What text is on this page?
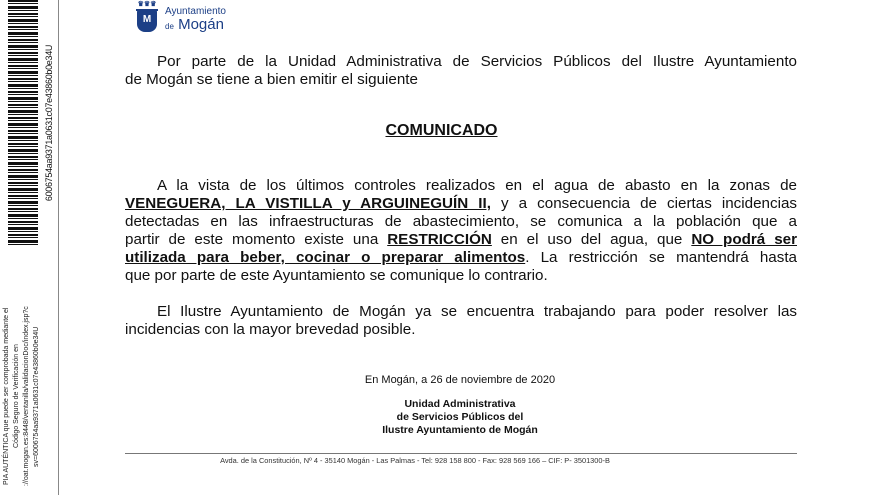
6006754aa9371a0631c07e43860b0e34U
PIA AUTÉNTICA que puede ser comprobada mediante el Código Seguro de Verificación en ://oat.mogan.es:8448/ventanilla/validacionDoc/index.jsp?c sv=6006754aa9371a0631c07e43860b0e34U
♛♛♛
M
Ayuntamiento
de Mogán
Por parte de la Unidad Administrativa de Servicios Públicos del Ilustre Ayuntamiento
de Mogán se tiene a bien emitir el siguiente
COMUNICADO
A la vista de los últimos controles realizados en el agua de abasto en la zonas de
VENEGUERA, LA VISTILLA y ARGUINEGUÍN II, y a consecuencia de ciertas incidencias
detectadas en las infraestructuras de abastecimiento, se comunica a la población que a
partir de este momento existe una RESTRICCIÓN en el uso del agua, que NO podrá ser
utilizada para beber, cocinar o preparar alimentos. La restricción se mantendrá hasta
que por parte de este Ayuntamiento se comunique lo contrario.
El Ilustre Ayuntamiento de Mogán ya se encuentra trabajando para poder resolver las
incidencias con la mayor brevedad posible.
En Mogán, a 26 de noviembre de 2020
Unidad Administrativa
de Servicios Públicos del
Ilustre Ayuntamiento de Mogán
Avda. de la Constitución, Nº 4 - 35140 Mogán - Las Palmas - Tel: 928 158 800 - Fax: 928 569 166 – CIF: P- 3501300-B
